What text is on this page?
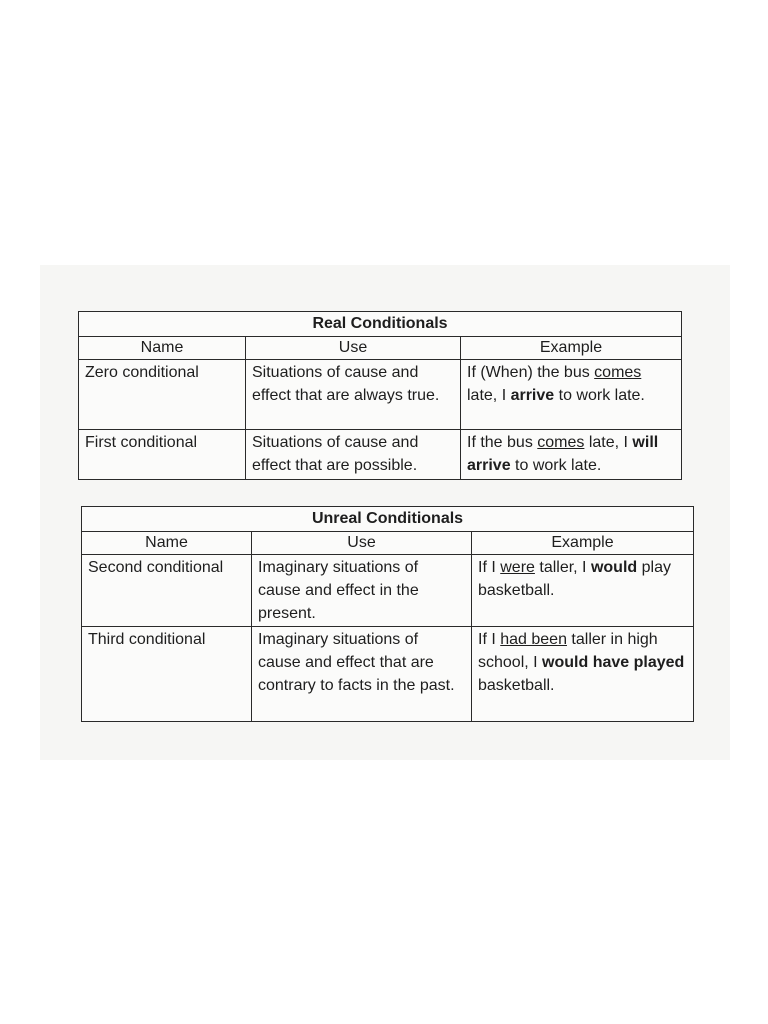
Real Conditionals		
Name	Use	Example
Zero conditional	Situations of cause and effect that are always true.	If (When) the bus comes late, I arrive to work late.
First conditional	Situations of cause and effect that are possible.	If the bus comes late, I will arrive to work late.
Unreal Conditionals		
Name	Use	Example
Second conditional	Imaginary situations of cause and effect in the present.	If I were taller, I would play basketball.
Third conditional	Imaginary situations of cause and effect that are contrary to facts in the past.	If I had been taller in high school, I would have played basketball.
